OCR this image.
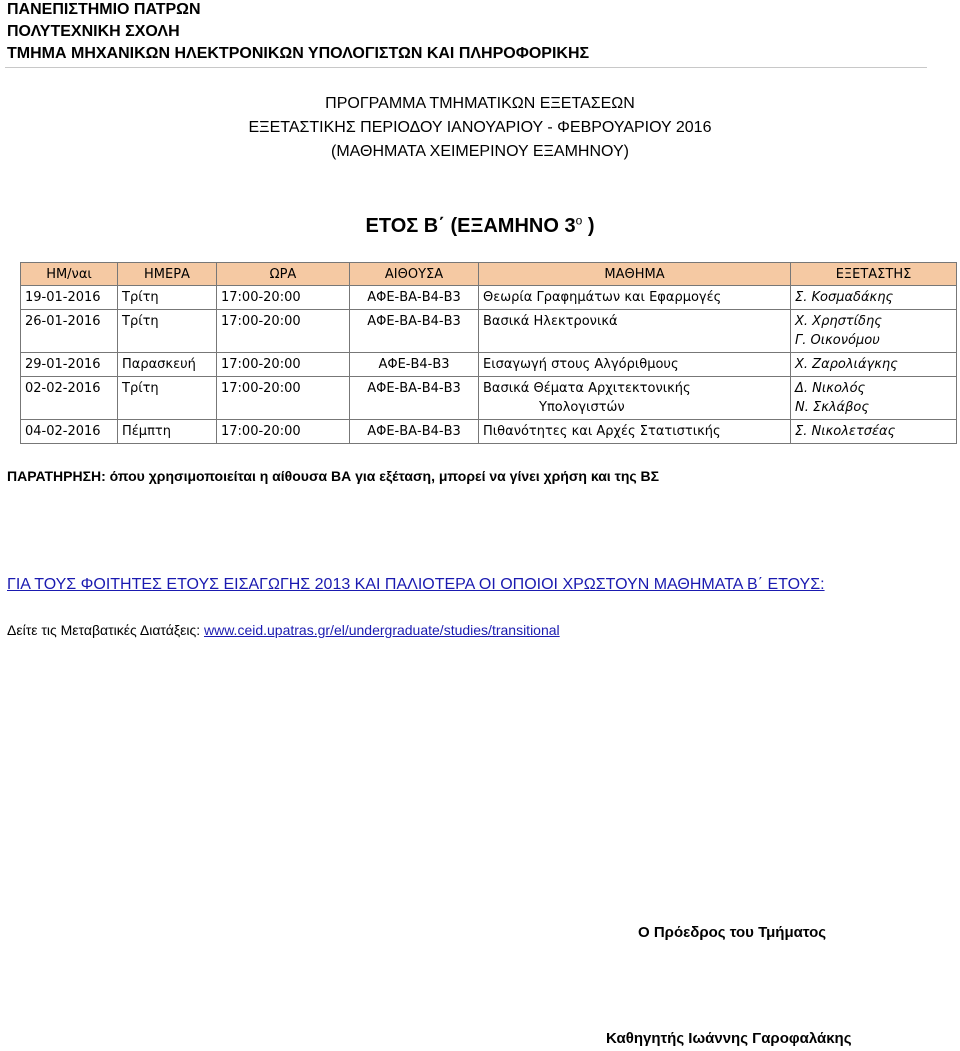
ΠΑΝΕΠΙΣΤΗΜΙΟ ΠΑΤΡΩΝ
ΠΟΛΥΤΕΧΝΙΚΗ ΣΧΟΛΗ
ΤΜΗΜΑ ΜΗΧΑΝΙΚΩΝ ΗΛΕΚΤΡΟΝΙΚΩΝ ΥΠΟΛΟΓΙΣΤΩΝ ΚΑΙ ΠΛΗΡΟΦΟΡΙΚΗΣ
ΠΡΟΓΡΑΜΜΑ ΤΜΗΜΑΤΙΚΩΝ ΕΞΕΤΑΣΕΩΝ
ΕΞΕΤΑΣΤΙΚΗΣ ΠΕΡΙΟΔΟΥ ΙΑΝΟΥΑΡΙΟΥ - ΦΕΒΡΟΥΑΡΙΟΥ 2016
(ΜΑΘΗΜΑΤΑ ΧΕΙΜΕΡΙΝΟΥ ΕΞΑΜΗΝΟΥ)
ΕΤΟΣ Β΄ (ΕΞΑΜΗΝΟ $3^o$ )
ΗΜ/ναι	ΗΜΕΡΑ	ΩΡΑ	ΑΙΘΟΥΣΑ	ΜΑΘΗΜΑ	ΕΞΕΤΑΣΤΗΣ
19-01-2016	Τρίτη	17:00-20:00	ΑΦΕ-ΒΑ-Β4-Β3	Θεωρία Γραφημάτων και Εφαρμογές	Σ. Κοσμαδάκης

26-01-2016	Τρίτη	17:00-20:00	ΑΦΕ-ΒΑ-Β4-Β3	Βασικά Ηλεκτρονικά	Χ. Χρηστίδης
Γ. Οικονόμου

29-01-2016	Παρασκευή	17:00-20:00	ΑΦΕ-Β4-Β3	Εισαγωγή στους Αλγόριθμους	Χ. Ζαρολιάγκης

02-02-2016	Τρίτη	17:00-20:00	ΑΦΕ-ΒΑ-Β4-Β3	Βασικά Θέματα Αρχιτεκτονικής
Υπολογιστών	Δ. Νικολός
Ν. Σκλάβος

04-02-2016	Πέμπτη	17:00-20:00	ΑΦΕ-ΒΑ-Β4-Β3	Πιθανότητες και Αρχές Στατιστικής	Σ. Νικολετσέας
ΠΑΡΑΤΗΡΗΣΗ: όπου χρησιμοποιείται η αίθουσα ΒΑ για εξέταση, μπορεί να γίνει χρήση και της ΒΣ
ΓΙΑ ΤΟΥΣ ΦΟΙΤΗΤΕΣ ΕΤΟΥΣ ΕΙΣΑΓΩΓΗΣ 2013 ΚΑΙ ΠΑΛΙΟΤΕΡΑ ΟΙ ΟΠΟΙΟΙ ΧΡΩΣΤΟΥΝ ΜΑΘΗΜΑΤΑ Β΄ ΕΤΟΥΣ:
Δείτε τις Μεταβατικές Διατάξεις: www.ceid.upatras.gr/el/undergraduate/studies/transitional
Ο Πρόεδρος του Τμήματος
Καθηγητής Ιωάννης Γαροφαλάκης
